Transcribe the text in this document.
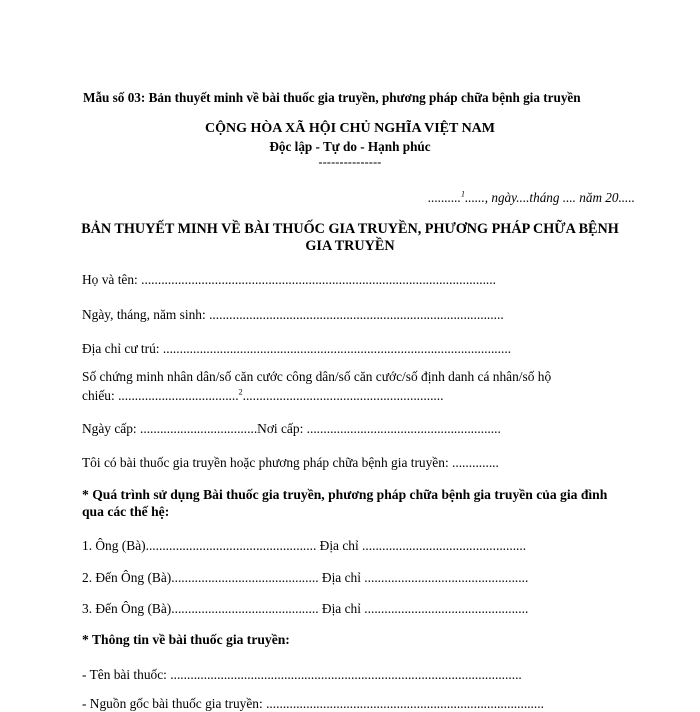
Mẫu số 03: Bản thuyết minh về bài thuốc gia truyền, phương pháp chữa bệnh gia truyền
CỘNG HÒA XÃ HỘI CHỦ NGHĨA VIỆT NAM
Độc lập - Tự do - Hạnh phúc
---------------
..........$^1$......, ngày....tháng .... năm 20.....
BẢN THUYẾT MINH VỀ BÀI THUỐC GIA TRUYỀN, PHƯƠNG PHÁP CHỮA BỆNH
GIA TRUYỀN
Họ và tên: ..........................................................................................................
Ngày, tháng, năm sinh: ........................................................................................
Địa chỉ cư trú: ........................................................................................................
Số chứng minh nhân dân/số căn cước công dân/số căn cước/số định danh cá nhân/số hộ
chiếu: ....................................$^2$............................................................
Ngày cấp: ...................................Nơi cấp: ..........................................................
Tôi có bài thuốc gia truyền hoặc phương pháp chữa bệnh gia truyền: ..............
* Quá trình sử dụng Bài thuốc gia truyền, phương pháp chữa bệnh gia truyền của gia đình
qua các thế hệ:
1. Ông (Bà)................................................... Địa chỉ .................................................
2. Đến Ông (Bà)............................................ Địa chỉ .................................................
3. Đến Ông (Bà)............................................ Địa chỉ .................................................
* Thông tin về bài thuốc gia truyền:
- Tên bài thuốc: .........................................................................................................
- Nguồn gốc bài thuốc gia truyền: ...................................................................................
